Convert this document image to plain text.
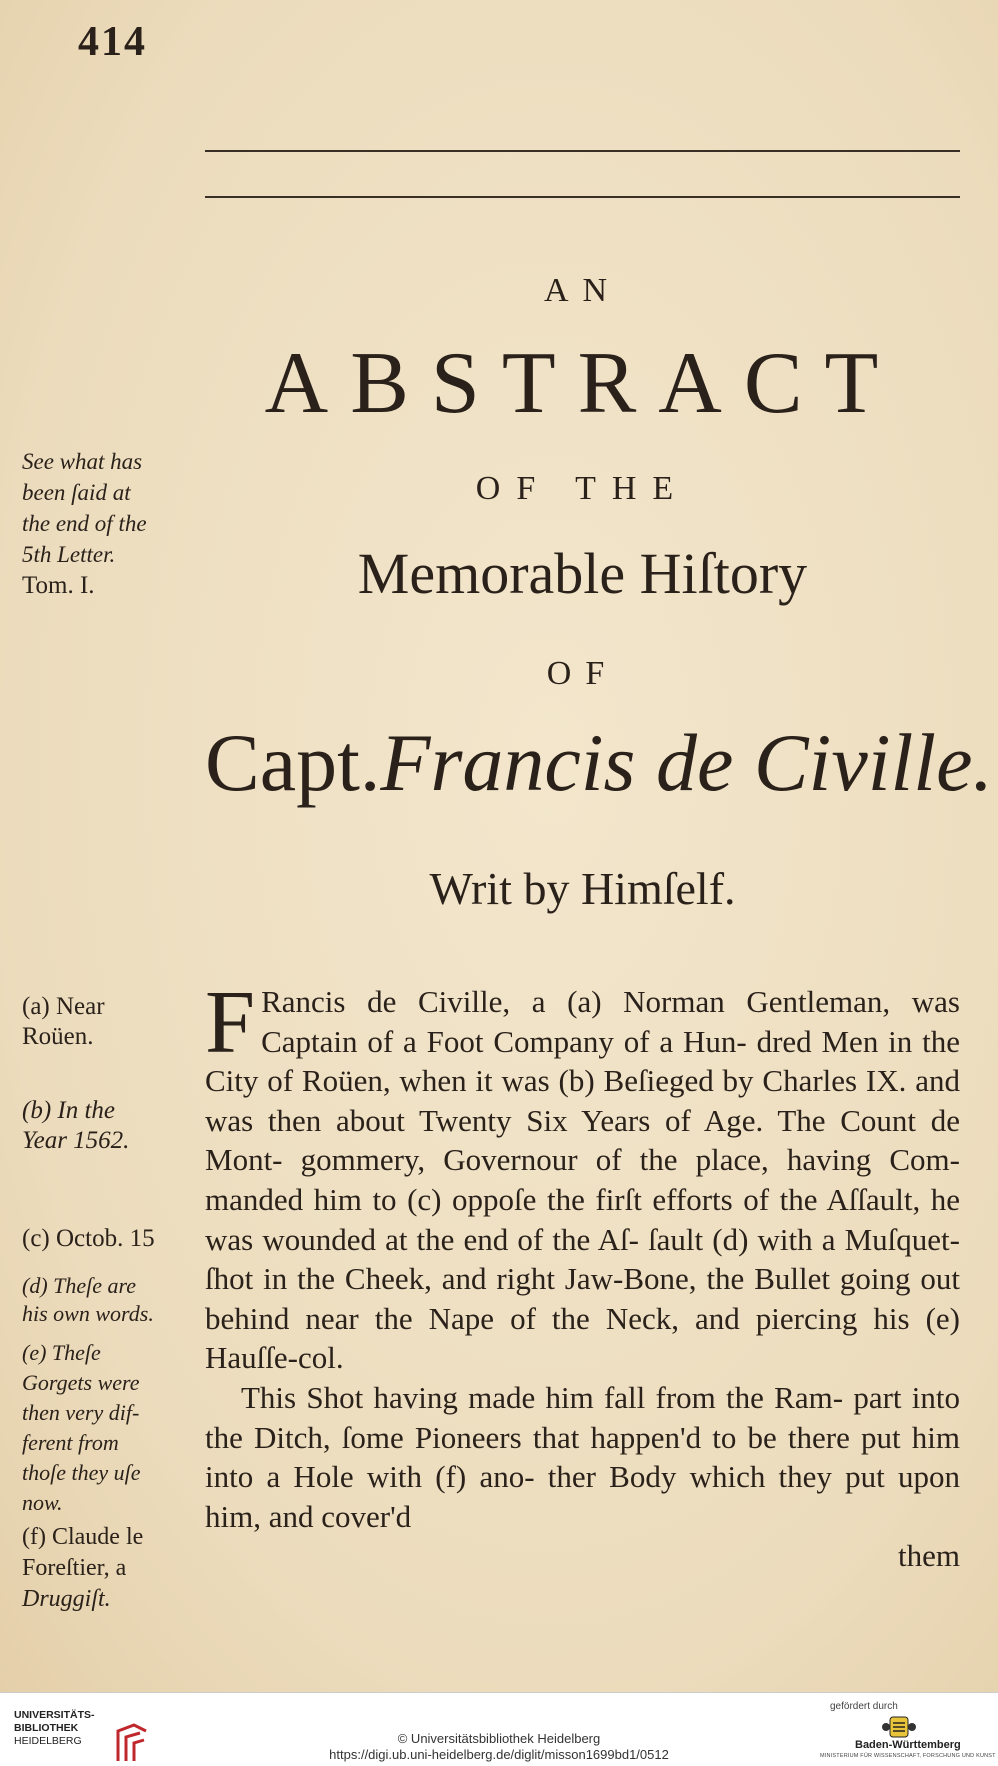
414
AN
ABSTRACT
OF THE
Memorable Hiſtory
OF
Capt.Francis de Civille.
Writ by Himſelf.
See what has
been ſaid at
the end of the
5th Letter.
Tom. I.
(a) Near
Roüen.
(b) In the
Year 1562.
(c) Octob. 15
(d) Theſe are
his own words.
(e) Theſe
Gorgets were
then very dif-
ferent from
thoſe they uſe
now.
(f) Claude le
Foreſtier, a
Druggiſt.

F Rancis de Civille, a (a) Norman Gentleman, was Captain of a Foot Company of a Hun- dred Men in the City of Roüen, when it was (b) Beſieged by Charles IX. and was then about Twenty Six Years of Age. The Count de Mont- gommery, Governour of the place, having Com- manded him to (c) oppoſe the firſt efforts of the Aſſault, he was wounded at the end of the Aſ- ſault (d) with a Muſquet-ſhot in the Cheek, and right Jaw-Bone, the Bullet going out behind near the Nape of the Neck, and piercing his (e) Hauſſe-col.

This Shot having made him fall from the Ram- part into the Ditch, ſome Pioneers that happen'd to be there put him into a Hole with (f) ano- ther Body which they put upon him, and cover'd

them
UNIVERSITÄTS-
BIBLIOTHEK
HEIDELBERG	© Universitätsbibliothek Heidelberg
https://digi.ub.uni-heidelberg.de/diglit/misson1699bd1/0512
gefördert durch
Baden-Württemberg
MINISTERIUM FÜR WISSENSCHAFT, FORSCHUNG UND KUNST
